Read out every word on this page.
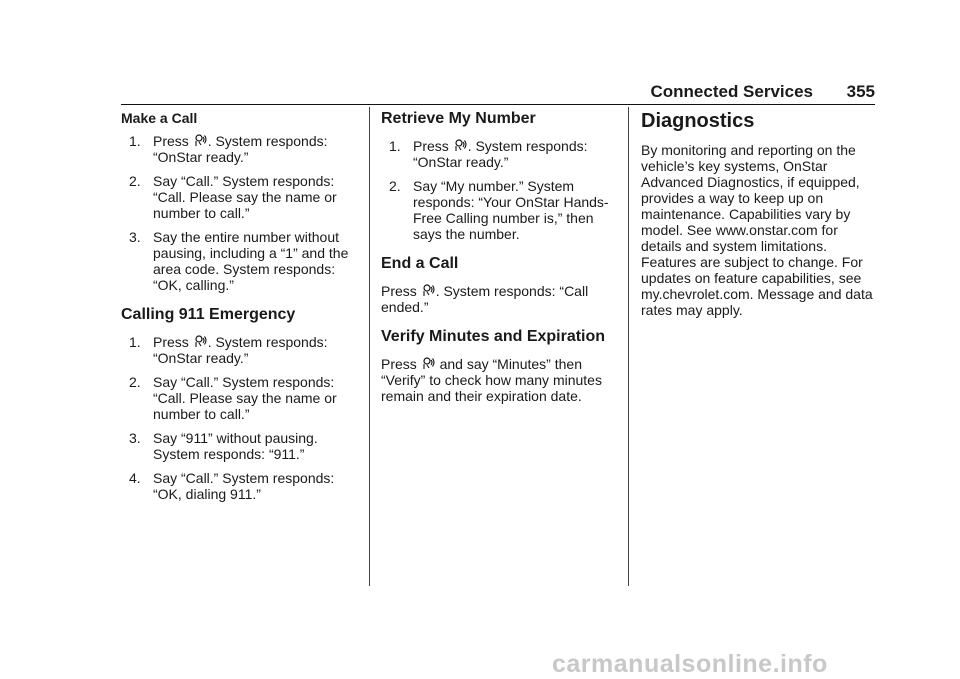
Connected Services 355
Make a Call
1. Press . System responds: “OnStar ready.”
2. Say “Call.” System responds: “Call. Please say the name or number to call.”
3. Say the entire number without pausing, including a “1” and the area code. System responds: “OK, calling.”
Calling 911 Emergency
1. Press . System responds: “OnStar ready.”
2. Say “Call.” System responds: “Call. Please say the name or number to call.”
3. Say “911” without pausing. System responds: “911.”
4. Say “Call.” System responds: “OK, dialing 911.”
Retrieve My Number
1. Press . System responds: “OnStar ready.”
2. Say “My number.” System responds: “Your OnStar Hands-Free Calling number is,” then says the number.
End a Call

Press . System responds: “Call ended.”

Verify Minutes and Expiration

Press  and say “Minutes” then “Verify” to check how many minutes remain and their expiration date.

Diagnostics

By monitoring and reporting on the vehicle’s key systems, OnStar Advanced Diagnostics, if equipped, provides a way to keep up on maintenance. Capabilities vary by model. See www.onstar.com for details and system limitations. Features are subject to change. For updates on feature capabilities, see my.chevrolet.com. Message and data rates may apply.

carmanualsonline.info
